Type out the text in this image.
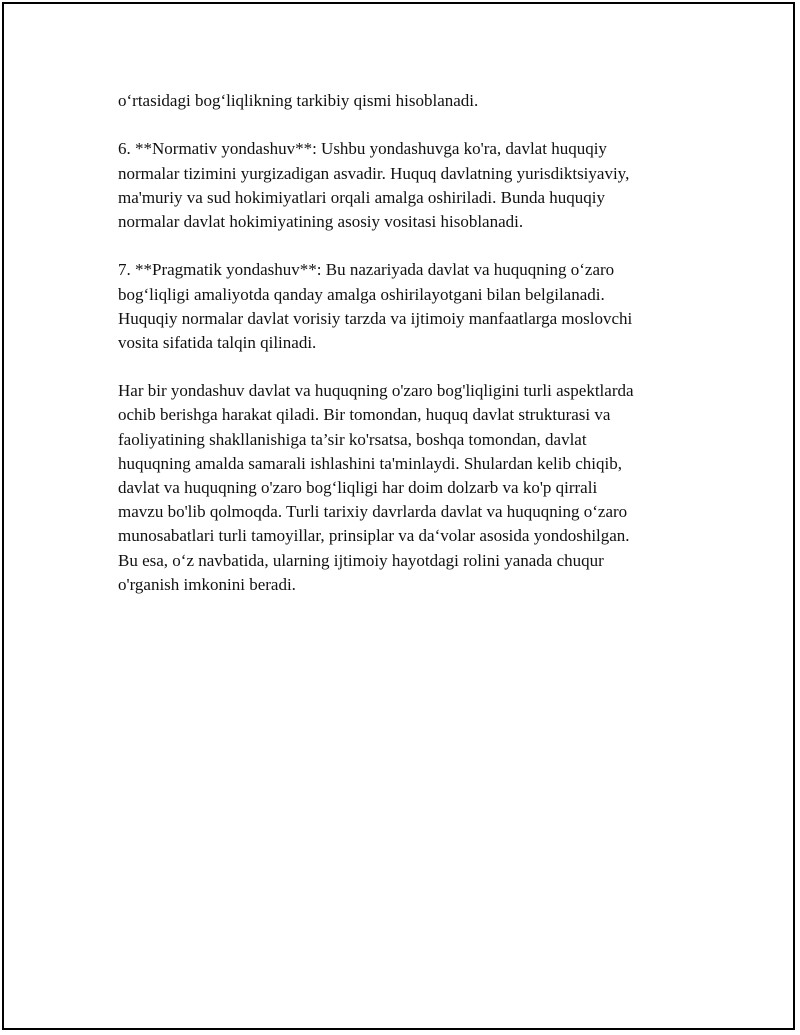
o‘rtasidagi bog‘liqlikning tarkibiy qismi hisoblanadi.
6. **Normativ yondashuv**: Ushbu yondashuvga ko'ra, davlat huquqiy
normalar tizimini yurgizadigan asvadir. Huquq davlatning yurisdiktsiyaviy,
ma'muriy va sud hokimiyatlari orqali amalga oshiriladi. Bunda huquqiy
normalar davlat hokimiyatining asosiy vositasi hisoblanadi.
7. **Pragmatik yondashuv**: Bu nazariyada davlat va huquqning o‘zaro
bog‘liqligi amaliyotda qanday amalga oshirilayotgani bilan belgilanadi.
Huquqiy normalar davlat vorisiy tarzda va ijtimoiy manfaatlarga moslovchi
vosita sifatida talqin qilinadi.
Har bir yondashuv davlat va huquqning o'zaro bog'liqligini turli aspektlarda
ochib berishga harakat qiladi. Bir tomondan, huquq davlat strukturasi va
faoliyatining shakllanishiga ta’sir ko'rsatsa, boshqa tomondan, davlat
huquqning amalda samarali ishlashini ta'minlaydi. Shulardan kelib chiqib,
davlat va huquqning o'zaro bog‘liqligi har doim dolzarb va ko'p qirrali
mavzu bo'lib qolmoqda. Turli tarixiy davrlarda davlat va huquqning o‘zaro
munosabatlari turli tamoyillar, prinsiplar va da‘volar asosida yondoshilgan.
Bu esa, o‘z navbatida, ularning ijtimoiy hayotdagi rolini yanada chuqur
o'rganish imkonini beradi.
